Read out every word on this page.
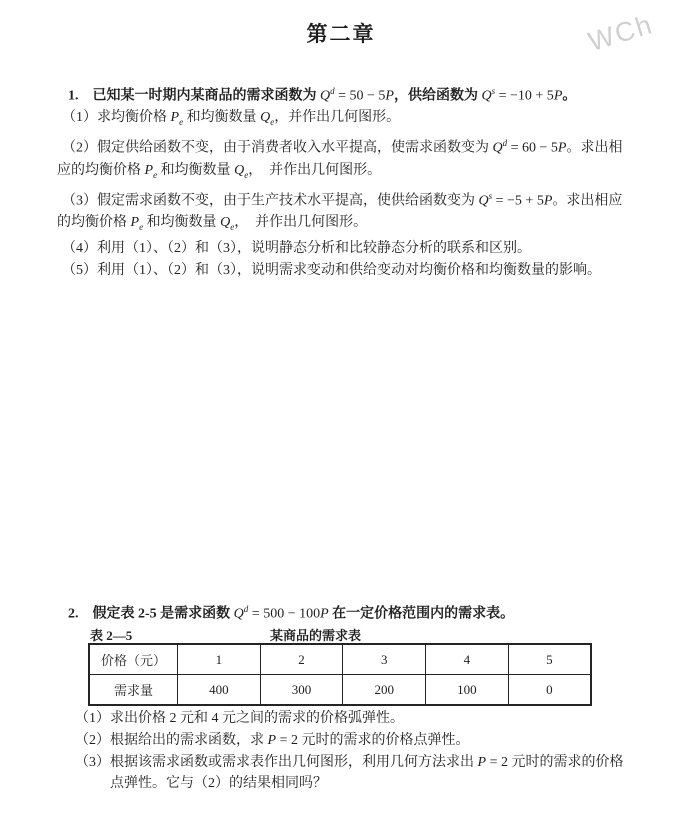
WCh
第二章
1.　已知某一时期内某商品的需求函数为 $Q^d = 50 - 5P$，供给函数为 $Q^s = -10 + 5P$。
（1）求均衡价格 $P_e$ 和均衡数量 $Q_e$，并作出几何图形。
（2）假定供给函数不变，由于消费者收入水平提高，使需求函数变为 $Q^d = 60 - 5P$。求出相
应的均衡价格 $P_e$ 和均衡数量 $Q_e$，　并作出几何图形。
（3）假定需求函数不变，由于生产技术水平提高，使供给函数变为 $Q^s = -5 + 5P$。求出相应
的均衡价格 $P_e$ 和均衡数量 $Q_e$，　并作出几何图形。
（4）利用（1）、（2）和（3），说明静态分析和比较静态分析的联系和区别。
（5）利用（1）、（2）和（3），说明需求变动和供给变动对均衡价格和均衡数量的影响。
2.　假定表 2-5 是需求函数 $Q^d = 500 - 100P$ 在一定价格范围内的需求表。
表 2—5	某商品的需求表
价格（元）	1	2	3	4	5
需求量	400	300	200	100	0
（1） 求出价格 2 元和 4 元之间的需求的价格弧弹性。
（2） 根据给出的需求函数，求 P = 2 元时的需求的价格点弹性。
（3） 根据该需求函数或需求表作出几何图形，利用几何方法求出 P = 2 元时的需求的价格
点弹性。它与（2）的结果相同吗？
